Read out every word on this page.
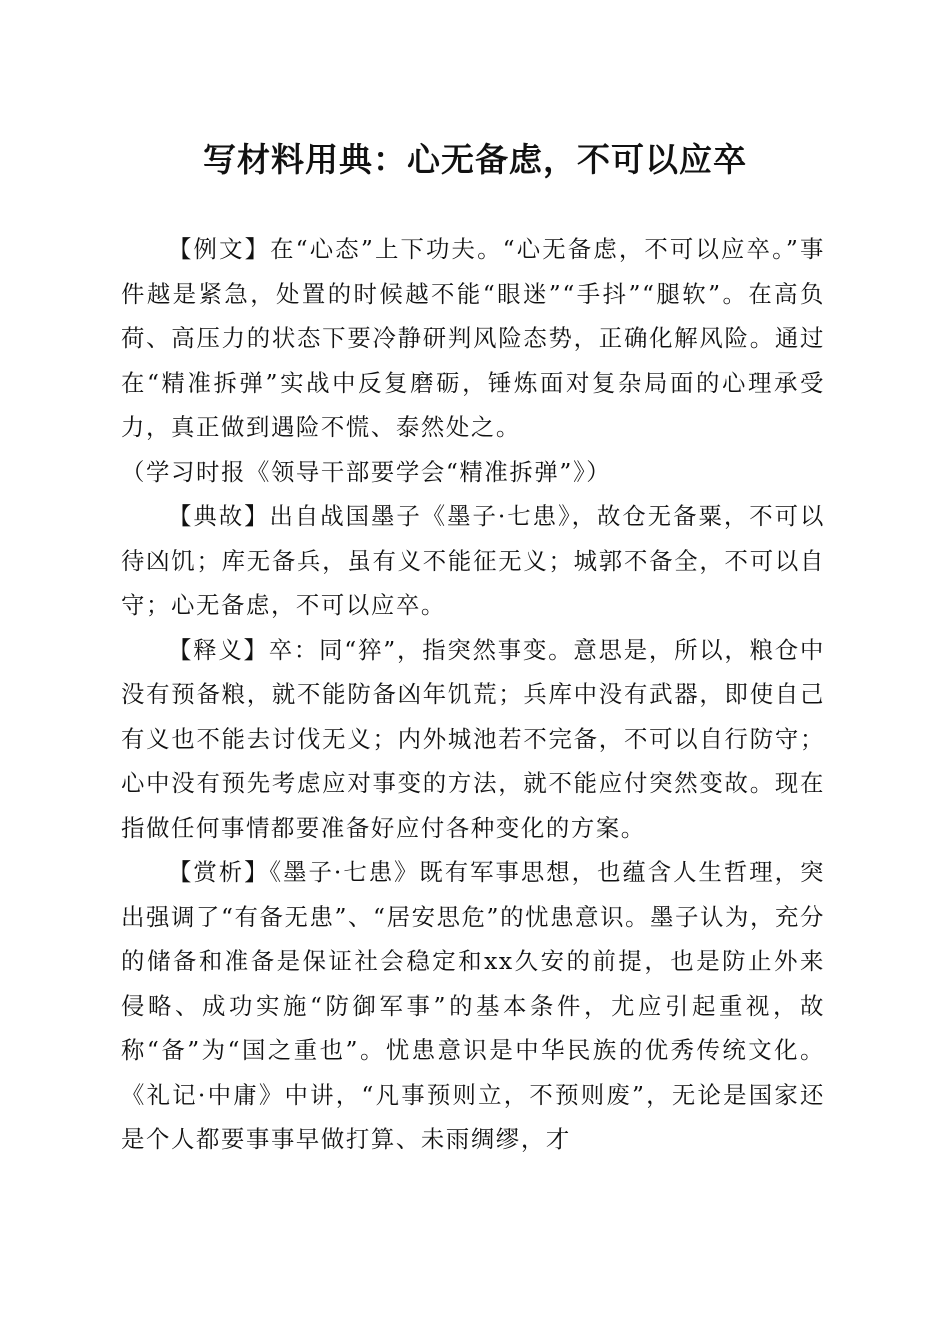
写材料用典：心无备虑，不可以应卒

【例文】在“心态”上下功夫。“心无备虑，不可以应卒。”事件越是紧急，处置的时候越不能“眼迷”“手抖”“腿软”。在高负荷、高压力的状态下要冷静研判风险态势，正确化解风险。通过在“精准拆弹”实战中反复磨砺，锤炼面对复杂局面的心理承受力，真正做到遇险不慌、泰然处之。

（学习时报《领导干部要学会“精准拆弹”》）

【典故】出自战国墨子《墨子·七患》，故仓无备粟，不可以待凶饥；库无备兵，虽有义不能征无义；城郭不备全，不可以自守；心无备虑，不可以应卒。

【释义】卒：同“猝”，指突然事变。意思是，所以，粮仓中没有预备粮，就不能防备凶年饥荒；兵库中没有武器，即使自己有义也不能去讨伐无义；内外城池若不完备，不可以自行防守；心中没有预先考虑应对事变的方法，就不能应付突然变故。现在指做任何事情都要准备好应付各种变化的方案。

【赏析】《墨子·七患》既有军事思想，也蕴含人生哲理，突出强调了“有备无患”、“居安思危”的忧患意识。墨子认为，充分的储备和准备是保证社会稳定和xx久安的前提，也是防止外来侵略、成功实施“防御军事”的基本条件，尤应引起重视，故称“备”为“国之重也”。忧患意识是中华民族的优秀传统文化。《礼记·中庸》中讲，“凡事预则立，不预则废”，无论是国家还是个人都要事事早做打算、未雨绸缪，才
